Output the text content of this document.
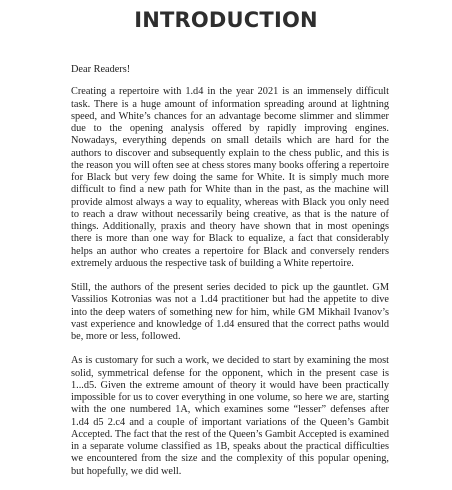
INTRODUCTION

Dear Readers!

Creating a repertoire with 1.d4 in the year 2021 is an immensely difficult task. There is a huge amount of information spreading around at lightning speed, and White’s chances for an advantage become slimmer and slimmer due to the opening analysis offered by rapidly improving engines. Nowadays, everything depends on small details which are hard for the authors to discover and subsequently explain to the chess public, and this is the reason you will often see at chess stores many books offering a repertoire for Black but very few doing the same for White. It is simply much more difficult to find a new path for White than in the past, as the machine will provide almost always a way to equality, whereas with Black you only need to reach a draw without necessarily being creative, as that is the nature of things. Additionally, praxis and theory have shown that in most openings there is more than one way for Black to equalize, a fact that considerably helps an author who creates a repertoire for Black and conversely renders extremely arduous the respective task of building a White repertoire.

Still, the authors of the present series decided to pick up the gauntlet. GM Vassilios Kotronias was not a 1.d4 practitioner but had the appetite to dive into the deep waters of something new for him, while GM Mikhail Ivanov’s vast experience and knowledge of 1.d4 ensured that the correct paths would be, more or less, followed.

As is customary for such a work, we decided to start by examining the most solid, symmetrical defense for the opponent, which in the present case is 1...d5. Given the extreme amount of theory it would have been practically impossible for us to cover everything in one volume, so here we are, starting with the one numbered 1A, which examines some “lesser” defenses after 1.d4 d5 2.c4 and a couple of important variations of the Queen’s Gambit Accepted. The fact that the rest of the Queen’s Gambit Accepted is examined in a separate volume classified as 1B, speaks about the practical difficulties we encountered from the size and the complexity of this popular opening, but hopefully, we did well.
